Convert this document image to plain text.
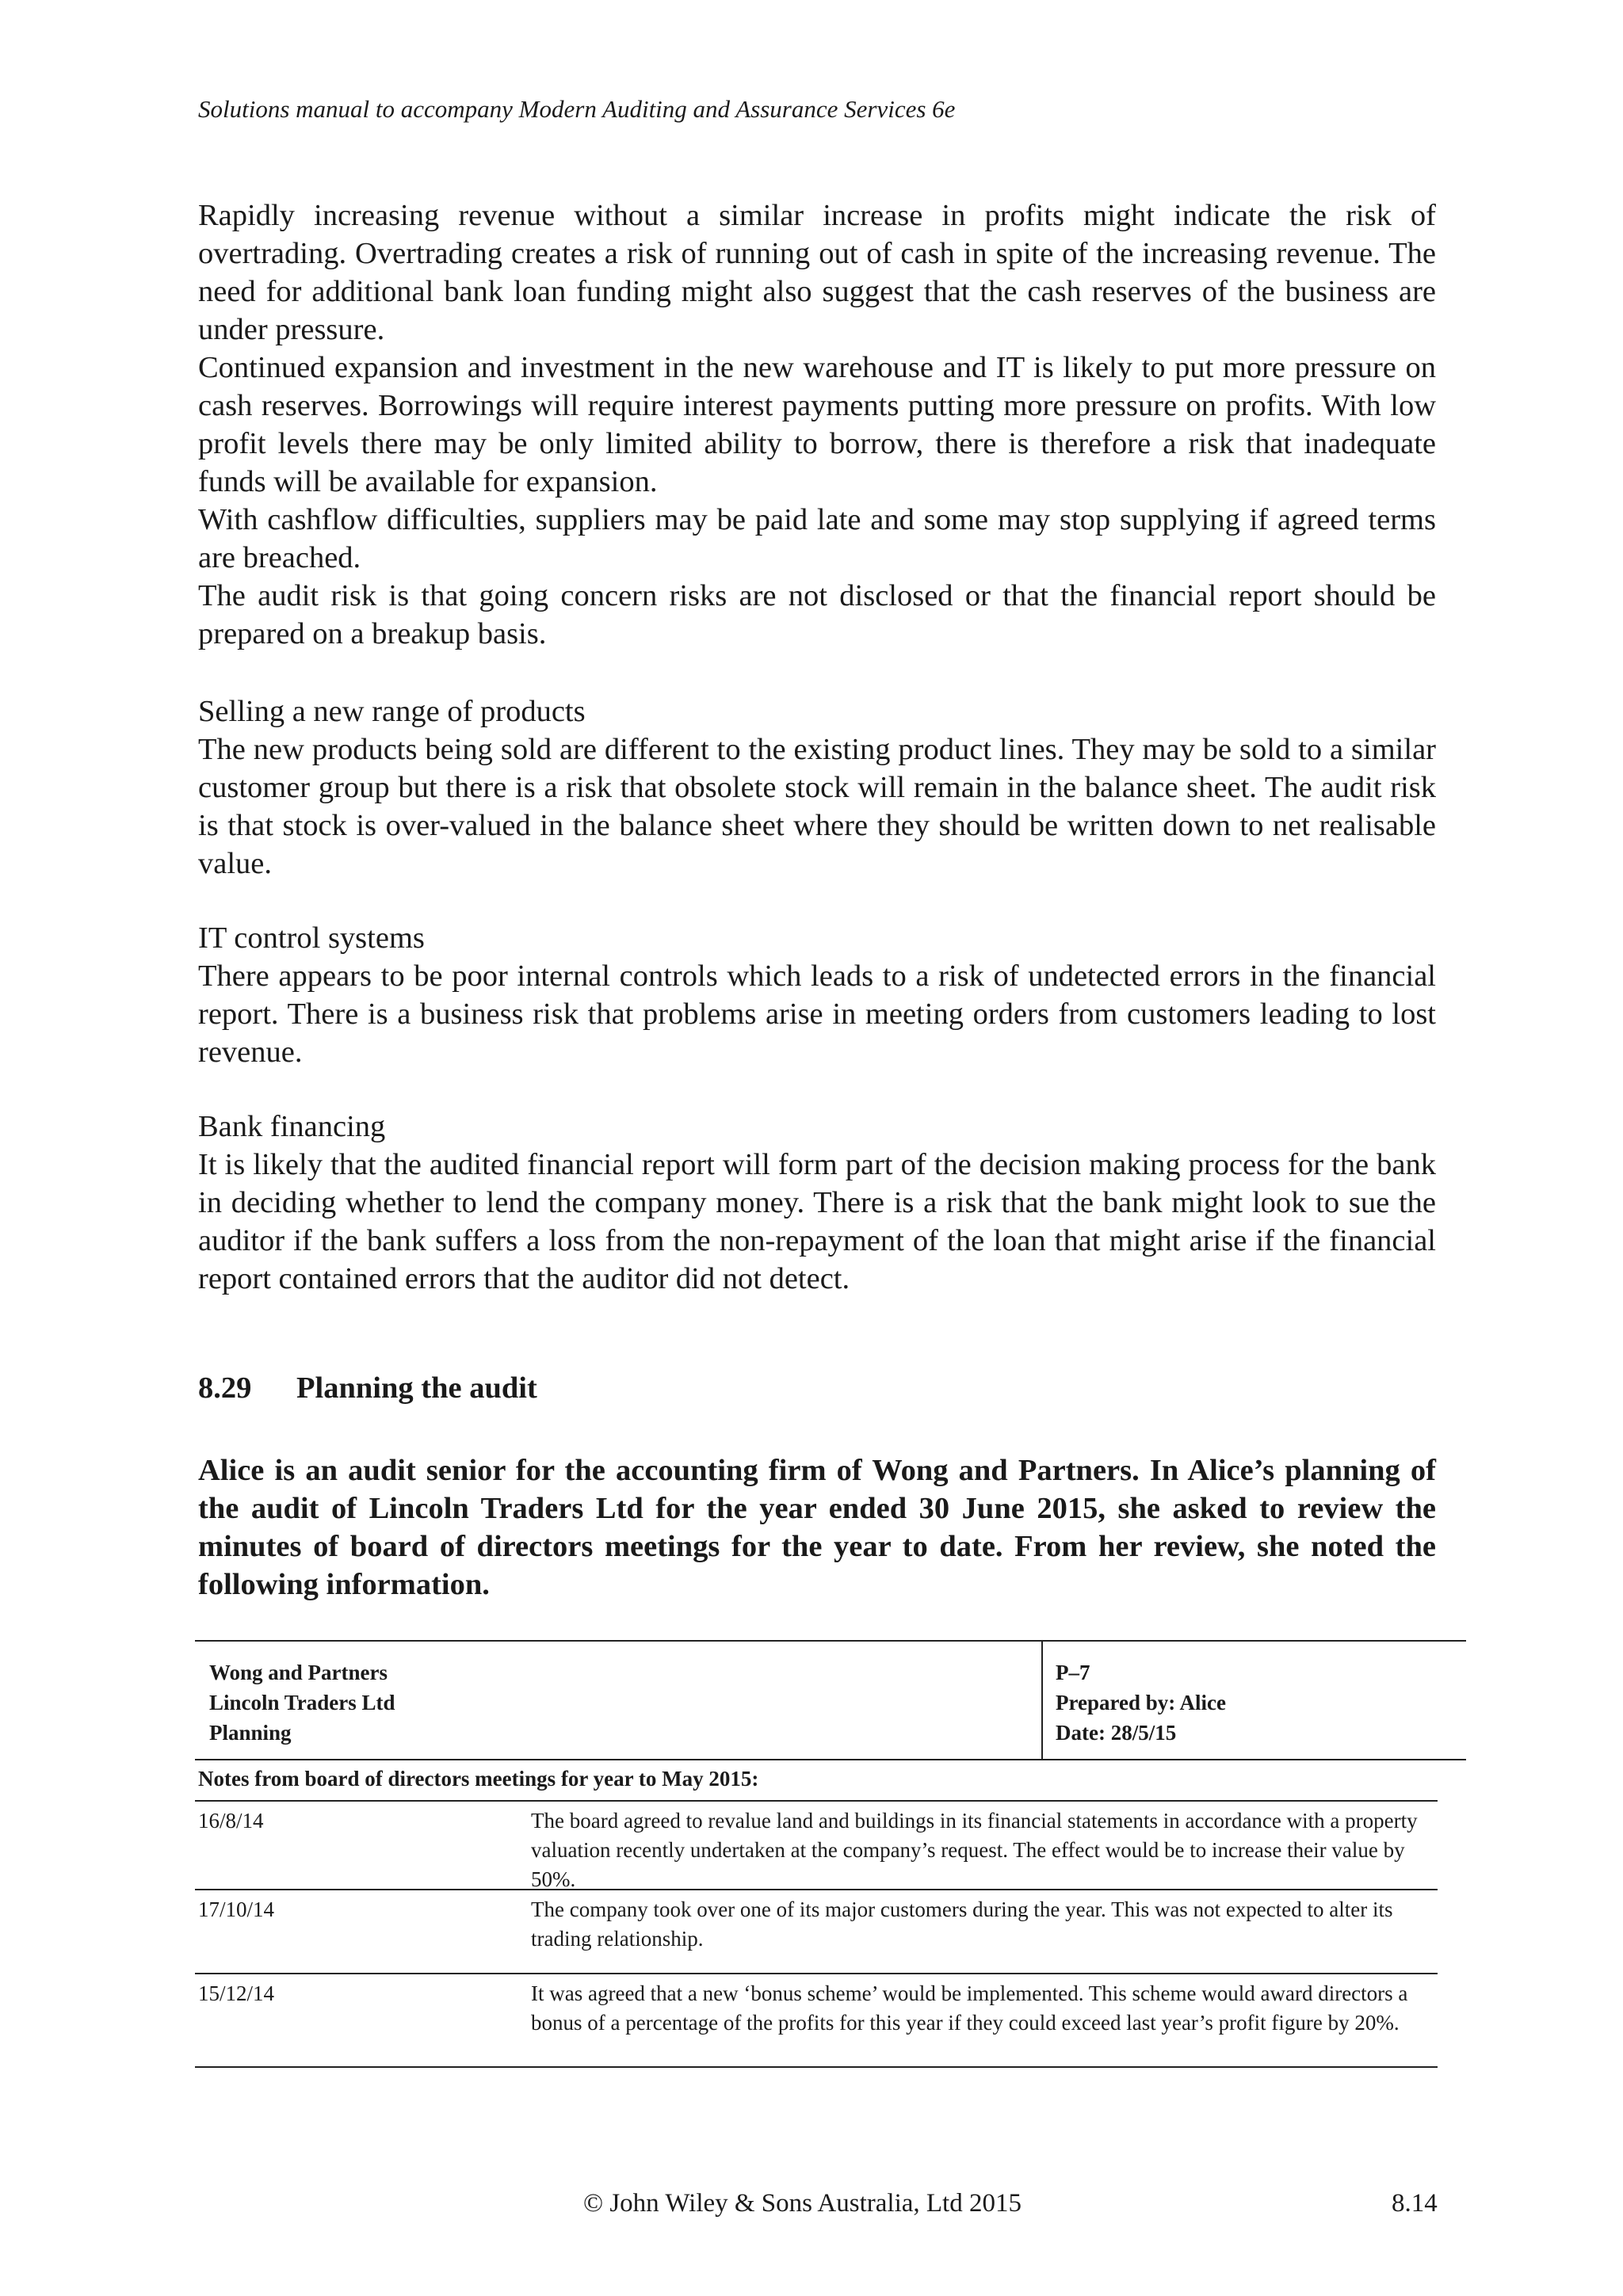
Solutions manual to accompany Modern Auditing and Assurance Services 6e

Rapidly increasing revenue without a similar increase in profits might indicate the risk of overtrading. Overtrading creates a risk of running out of cash in spite of the increasing revenue. The need for additional bank loan funding might also suggest that the cash reserves of the business are under pressure.

Continued expansion and investment in the new warehouse and IT is likely to put more pressure on cash reserves. Borrowings will require interest payments putting more pressure on profits. With low profit levels there may be only limited ability to borrow, there is therefore a risk that inadequate funds will be available for expansion.

With cashflow difficulties, suppliers may be paid late and some may stop supplying if agreed terms are breached.

The audit risk is that going concern risks are not disclosed or that the financial report should be prepared on a breakup basis.

Selling a new range of products

The new products being sold are different to the existing product lines. They may be sold to a similar customer group but there is a risk that obsolete stock will remain in the balance sheet. The audit risk is that stock is over-valued in the balance sheet where they should be written down to net realisable value.

IT control systems

There appears to be poor internal controls which leads to a risk of undetected errors in the financial report. There is a business risk that problems arise in meeting orders from customers leading to lost revenue.

Bank financing

It is likely that the audited financial report will form part of the decision making process for the bank in deciding whether to lend the company money. There is a risk that the bank might look to sue the auditor if the bank suffers a loss from the non-repayment of the loan that might arise if the financial report contained errors that the auditor did not detect.

8.29 Planning the audit
Alice is an audit senior for the accounting firm of Wong and Partners. In Alice’s planning of the audit of Lincoln Traders Ltd for the year ended 30 June 2015, she asked to review the minutes of board of directors meetings for the year to date. From her review, she noted the following information.
Wong and Partners
Lincoln Traders Ltd
Planning
P–7
Prepared by: Alice
Date: 28/5/15
Notes from board of directors meetings for year to May 2015:
16/8/14	The board agreed to revalue land and buildings in its financial statements in accordance with a property valuation recently undertaken at the company’s request. The effect would be to increase their value by 50%.
17/10/14	The company took over one of its major customers during the year. This was not expected to alter its trading relationship.
15/12/14	It was agreed that a new ‘bonus scheme’ would be implemented. This scheme would award directors a bonus of a percentage of the profits for this year if they could exceed last year’s profit figure by 20%.
© John Wiley & Sons Australia, Ltd 2015	8.14
